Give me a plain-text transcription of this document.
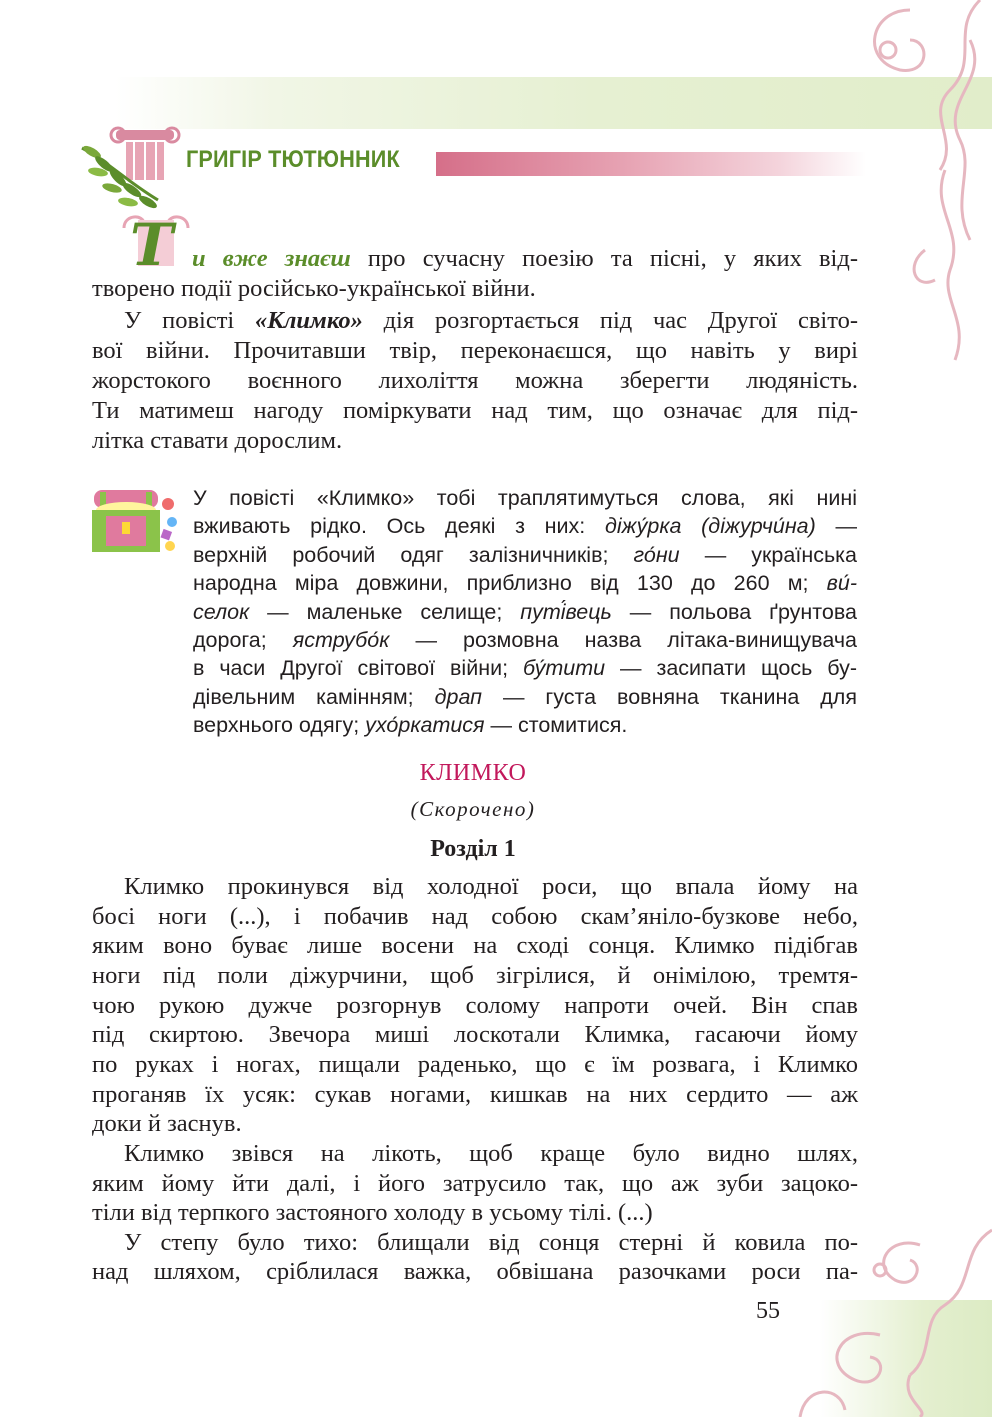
ГРИГІР ТЮТЮННИК
Т и вже знаєш про сучасну поезію та пісні, у яких від-

творено події російсько-української війни.

У повісті «Климко» дія розгортається під час Другої світо-

вої війни. Прочитавши твір, переконаєшся, що навіть у вирі

жорстокого воєнного лихоліття можна зберегти людяність.

Ти матимеш нагоду поміркувати над тим, що означає для під-

літка ставати дорослим.

У повісті «Климко» тобі траплятимуться слова, які нині
вживають рідко. Ось деякі з них: діжу́рка (діжурчи́на) —
верхній робочий одяг залізничників; го́ни — українська
народна міра довжини, приблизно від 130 до 260 м; ви́-
селок — маленьке селище; путі́вець — польова ґрунтова
дорога; яструбо́к — розмовна назва літака-винищувача
в часи Другої світової війни; бу́тити — засипати щось бу-
дівельним камінням; драп — густа вовняна тканина для
верхнього одягу; ухо́ркатися — стомитися.
КЛИМКО
(Скорочено)
Розділ 1

Климко прокинувся від холодної роси, що впала йому на

босі ноги (...), і побачив над собою скам’яніло-бузкове небо,

яким воно буває лише восени на сході сонця. Климко підібгав

ноги під поли діжурчини, щоб зігрілися, й онімілою, тремтя-

чою рукою дужче розгорнув солому напроти очей. Він спав

під скиртою. Звечора миші лоскотали Климка, гасаючи йому

по руках і ногах, пищали раденько, що є їм розвага, і Климко

проганяв їх усяк: сукав ногами, кишкав на них сердито — аж

доки й заснув.

Климко звівся на лікоть, щоб краще було видно шлях,

яким йому йти далі, і його затрусило так, що аж зуби зацоко-

тіли від терпкого застояного холоду в усьому тілі. (...)

У степу було тихо: блищали від сонця стерні й ковила по-

над шляхом, сріблилася важка, обвішана разочками роси па-

55
